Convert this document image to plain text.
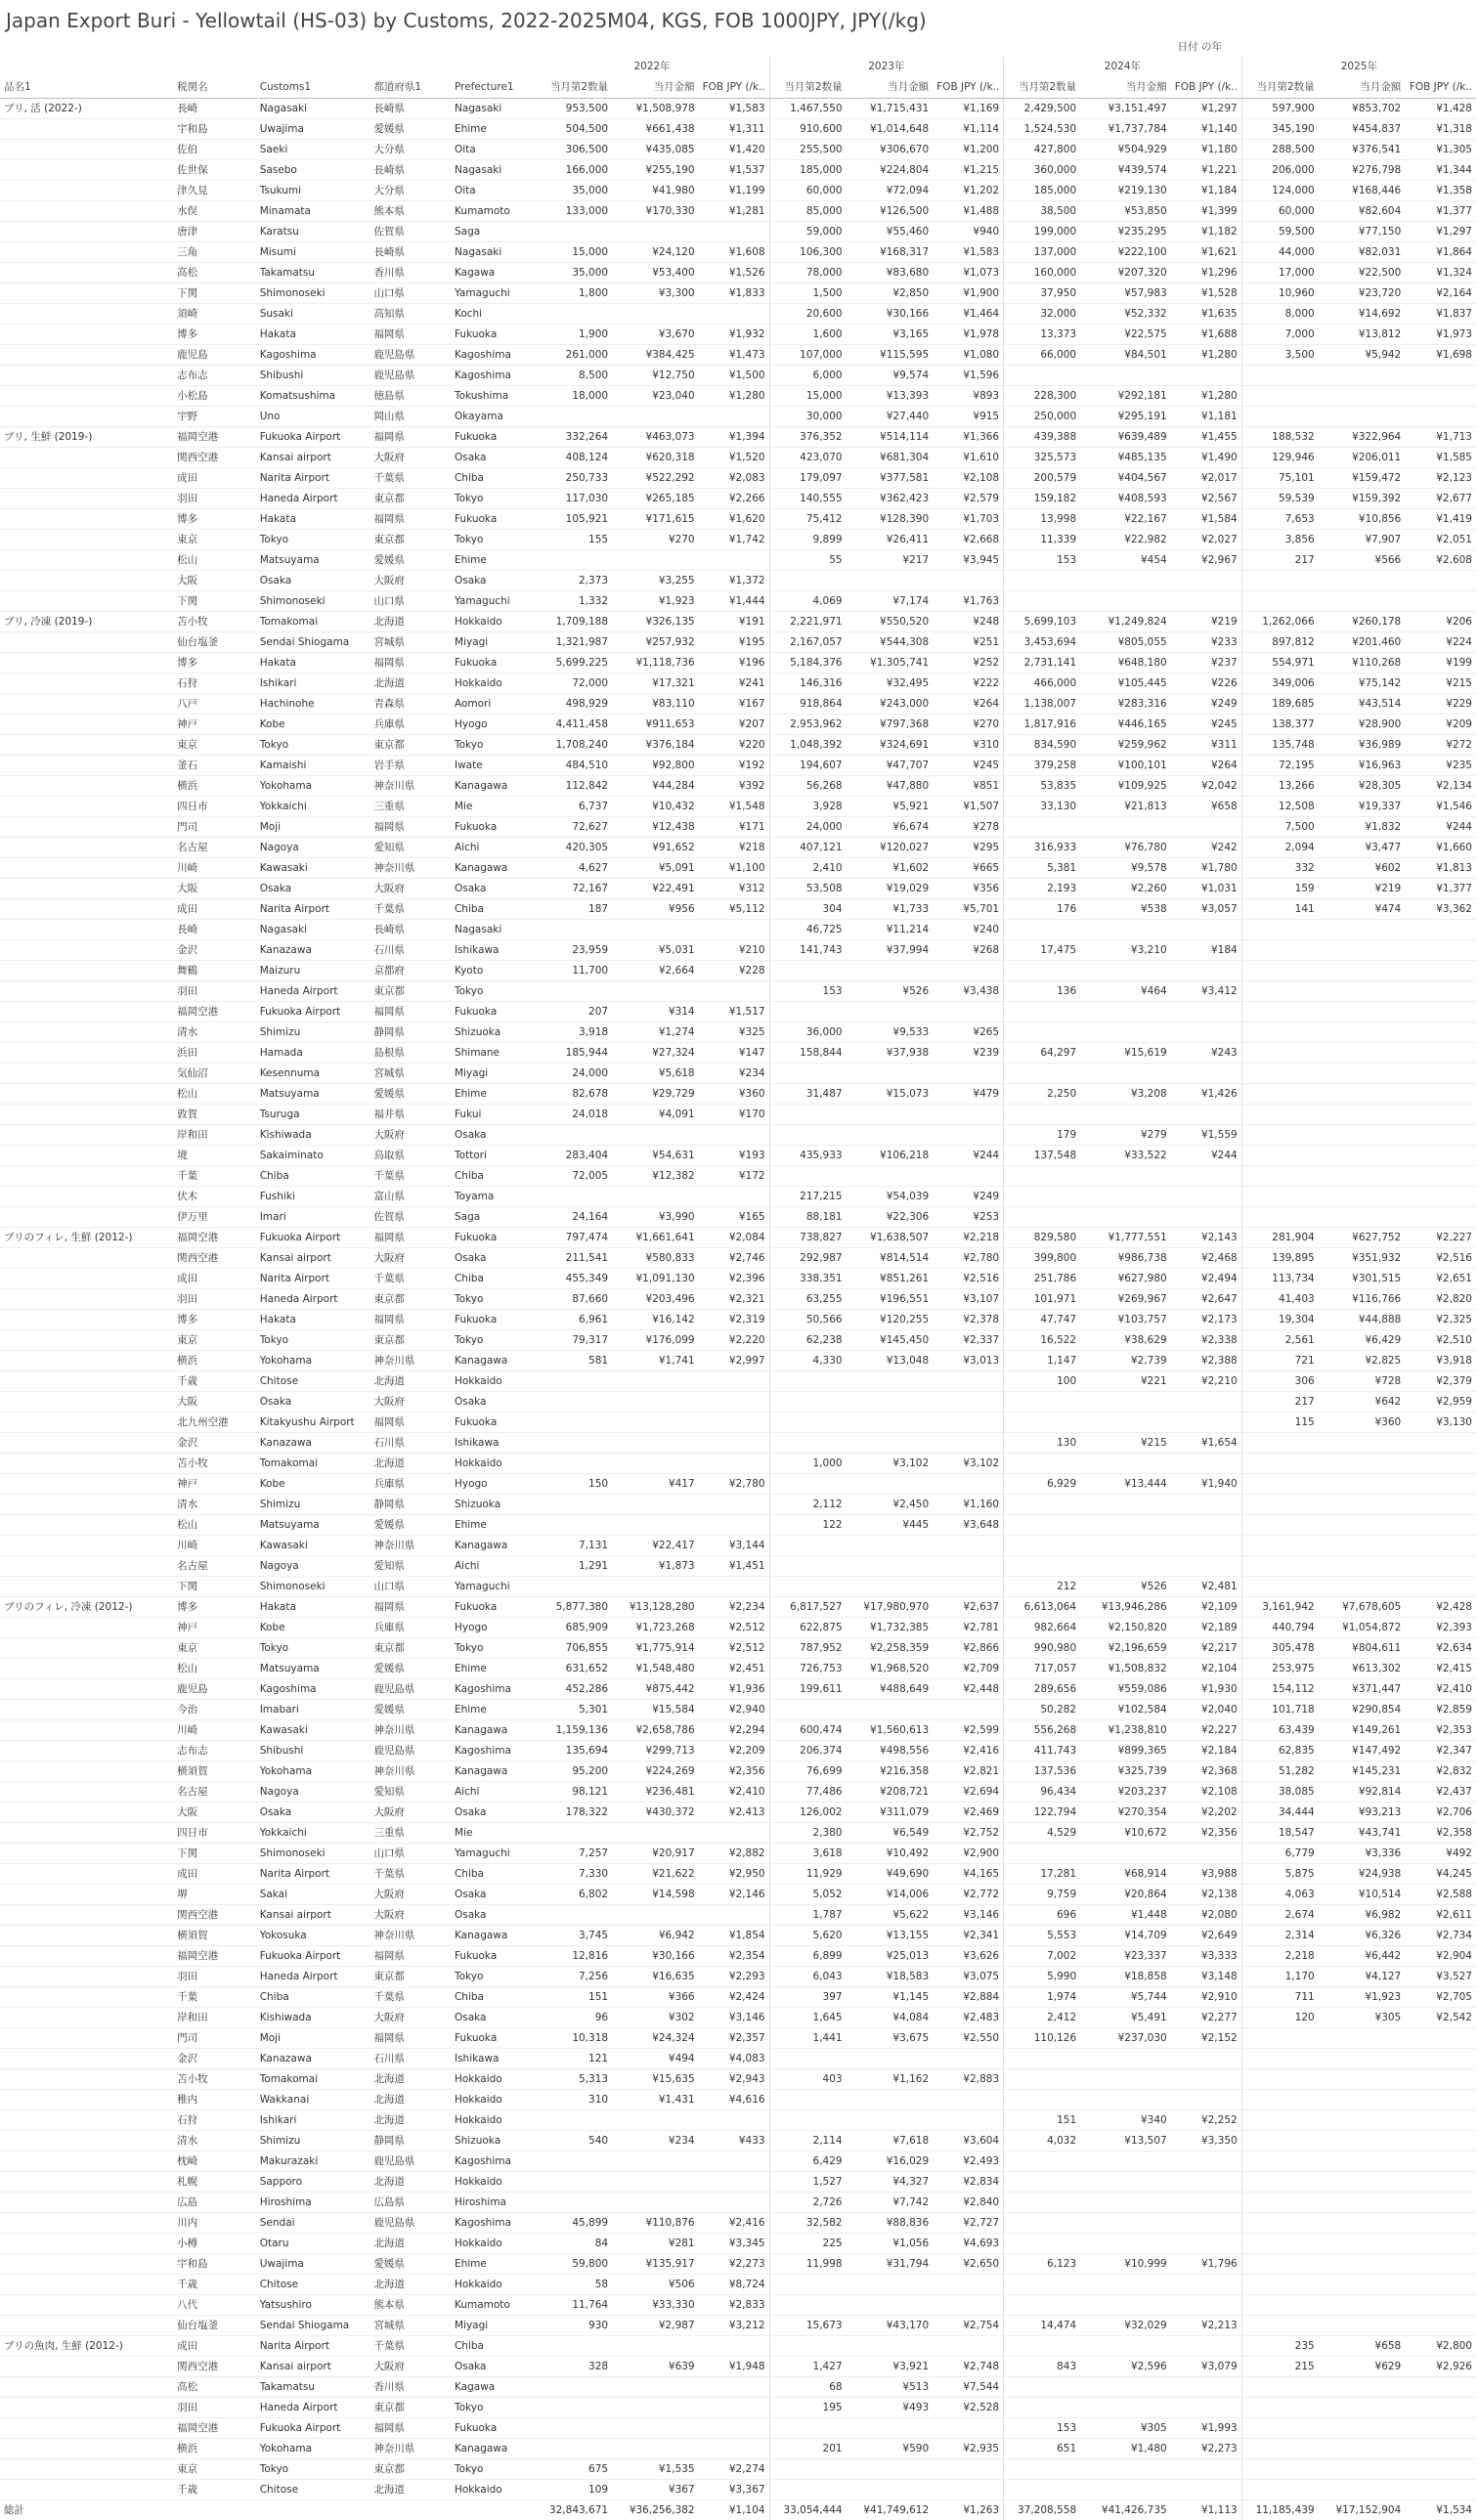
Japan Export Buri - Yellowtail (HS-03) by Customs, 2022-2025M04, KGS, FOB 1000JPY, JPY(/kg)
					日付 の年											
					2022年			2023年			2024年			2025年		
品名1	税関名	Customs1	都道府県1	Prefecture1	当月第2数量	当月金額	FOB JPY (/k..	当月第2数量	当月金額	FOB JPY (/k..	当月第2数量	当月金額	FOB JPY (/k..	当月第2数量	当月金額	FOB JPY (/k..
ブリ, 活 (2022-)	長崎	Nagasaki	長崎県	Nagasaki	953,500	¥1,508,978	¥1,583	1,467,550	¥1,715,431	¥1,169	2,429,500	¥3,151,497	¥1,297	597,900	¥853,702	¥1,428
	宇和島	Uwajima	愛媛県	Ehime	504,500	¥661,438	¥1,311	910,600	¥1,014,648	¥1,114	1,524,530	¥1,737,784	¥1,140	345,190	¥454,837	¥1,318
	佐伯	Saeki	大分県	Oita	306,500	¥435,085	¥1,420	255,500	¥306,670	¥1,200	427,800	¥504,929	¥1,180	288,500	¥376,541	¥1,305
	佐世保	Sasebo	長崎県	Nagasaki	166,000	¥255,190	¥1,537	185,000	¥224,804	¥1,215	360,000	¥439,574	¥1,221	206,000	¥276,798	¥1,344
	津久見	Tsukumi	大分県	Oita	35,000	¥41,980	¥1,199	60,000	¥72,094	¥1,202	185,000	¥219,130	¥1,184	124,000	¥168,446	¥1,358
	水俣	Minamata	熊本県	Kumamoto	133,000	¥170,330	¥1,281	85,000	¥126,500	¥1,488	38,500	¥53,850	¥1,399	60,000	¥82,604	¥1,377
	唐津	Karatsu	佐賀県	Saga				59,000	¥55,460	¥940	199,000	¥235,295	¥1,182	59,500	¥77,150	¥1,297
	三角	Misumi	長崎県	Nagasaki	15,000	¥24,120	¥1,608	106,300	¥168,317	¥1,583	137,000	¥222,100	¥1,621	44,000	¥82,031	¥1,864
	高松	Takamatsu	香川県	Kagawa	35,000	¥53,400	¥1,526	78,000	¥83,680	¥1,073	160,000	¥207,320	¥1,296	17,000	¥22,500	¥1,324
	下関	Shimonoseki	山口県	Yamaguchi	1,800	¥3,300	¥1,833	1,500	¥2,850	¥1,900	37,950	¥57,983	¥1,528	10,960	¥23,720	¥2,164
	須崎	Susaki	高知県	Kochi				20,600	¥30,166	¥1,464	32,000	¥52,332	¥1,635	8,000	¥14,692	¥1,837
	博多	Hakata	福岡県	Fukuoka	1,900	¥3,670	¥1,932	1,600	¥3,165	¥1,978	13,373	¥22,575	¥1,688	7,000	¥13,812	¥1,973
	鹿児島	Kagoshima	鹿児島県	Kagoshima	261,000	¥384,425	¥1,473	107,000	¥115,595	¥1,080	66,000	¥84,501	¥1,280	3,500	¥5,942	¥1,698
	志布志	Shibushi	鹿児島県	Kagoshima	8,500	¥12,750	¥1,500	6,000	¥9,574	¥1,596						
	小松島	Komatsushima	徳島県	Tokushima	18,000	¥23,040	¥1,280	15,000	¥13,393	¥893	228,300	¥292,181	¥1,280			
	宇野	Uno	岡山県	Okayama				30,000	¥27,440	¥915	250,000	¥295,191	¥1,181			
ブリ, 生鮮 (2019-)	福岡空港	Fukuoka Airport	福岡県	Fukuoka	332,264	¥463,073	¥1,394	376,352	¥514,114	¥1,366	439,388	¥639,489	¥1,455	188,532	¥322,964	¥1,713
	関西空港	Kansai airport	大阪府	Osaka	408,124	¥620,318	¥1,520	423,070	¥681,304	¥1,610	325,573	¥485,135	¥1,490	129,946	¥206,011	¥1,585
	成田	Narita Airport	千葉県	Chiba	250,733	¥522,292	¥2,083	179,097	¥377,581	¥2,108	200,579	¥404,567	¥2,017	75,101	¥159,472	¥2,123
	羽田	Haneda Airport	東京都	Tokyo	117,030	¥265,185	¥2,266	140,555	¥362,423	¥2,579	159,182	¥408,593	¥2,567	59,539	¥159,392	¥2,677
	博多	Hakata	福岡県	Fukuoka	105,921	¥171,615	¥1,620	75,412	¥128,390	¥1,703	13,998	¥22,167	¥1,584	7,653	¥10,856	¥1,419
	東京	Tokyo	東京都	Tokyo	155	¥270	¥1,742	9,899	¥26,411	¥2,668	11,339	¥22,982	¥2,027	3,856	¥7,907	¥2,051
	松山	Matsuyama	愛媛県	Ehime				55	¥217	¥3,945	153	¥454	¥2,967	217	¥566	¥2,608
	大阪	Osaka	大阪府	Osaka	2,373	¥3,255	¥1,372									
	下関	Shimonoseki	山口県	Yamaguchi	1,332	¥1,923	¥1,444	4,069	¥7,174	¥1,763						
ブリ, 冷凍 (2019-)	苫小牧	Tomakomai	北海道	Hokkaido	1,709,188	¥326,135	¥191	2,221,971	¥550,520	¥248	5,699,103	¥1,249,824	¥219	1,262,066	¥260,178	¥206
	仙台塩釜	Sendai Shiogama	宮城県	Miyagi	1,321,987	¥257,932	¥195	2,167,057	¥544,308	¥251	3,453,694	¥805,055	¥233	897,812	¥201,460	¥224
	博多	Hakata	福岡県	Fukuoka	5,699,225	¥1,118,736	¥196	5,184,376	¥1,305,741	¥252	2,731,141	¥648,180	¥237	554,971	¥110,268	¥199
	石狩	Ishikari	北海道	Hokkaido	72,000	¥17,321	¥241	146,316	¥32,495	¥222	466,000	¥105,445	¥226	349,006	¥75,142	¥215
	八戸	Hachinohe	青森県	Aomori	498,929	¥83,110	¥167	918,864	¥243,000	¥264	1,138,007	¥283,316	¥249	189,685	¥43,514	¥229
	神戸	Kobe	兵庫県	Hyogo	4,411,458	¥911,653	¥207	2,953,962	¥797,368	¥270	1,817,916	¥446,165	¥245	138,377	¥28,900	¥209
	東京	Tokyo	東京都	Tokyo	1,708,240	¥376,184	¥220	1,048,392	¥324,691	¥310	834,590	¥259,962	¥311	135,748	¥36,989	¥272
	釜石	Kamaishi	岩手県	Iwate	484,510	¥92,800	¥192	194,607	¥47,707	¥245	379,258	¥100,101	¥264	72,195	¥16,963	¥235
	横浜	Yokohama	神奈川県	Kanagawa	112,842	¥44,284	¥392	56,268	¥47,880	¥851	53,835	¥109,925	¥2,042	13,266	¥28,305	¥2,134
	四日市	Yokkaichi	三重県	Mie	6,737	¥10,432	¥1,548	3,928	¥5,921	¥1,507	33,130	¥21,813	¥658	12,508	¥19,337	¥1,546
	門司	Moji	福岡県	Fukuoka	72,627	¥12,438	¥171	24,000	¥6,674	¥278				7,500	¥1,832	¥244
	名古屋	Nagoya	愛知県	Aichi	420,305	¥91,652	¥218	407,121	¥120,027	¥295	316,933	¥76,780	¥242	2,094	¥3,477	¥1,660
	川崎	Kawasaki	神奈川県	Kanagawa	4,627	¥5,091	¥1,100	2,410	¥1,602	¥665	5,381	¥9,578	¥1,780	332	¥602	¥1,813
	大阪	Osaka	大阪府	Osaka	72,167	¥22,491	¥312	53,508	¥19,029	¥356	2,193	¥2,260	¥1,031	159	¥219	¥1,377
	成田	Narita Airport	千葉県	Chiba	187	¥956	¥5,112	304	¥1,733	¥5,701	176	¥538	¥3,057	141	¥474	¥3,362
	長崎	Nagasaki	長崎県	Nagasaki				46,725	¥11,214	¥240						
	金沢	Kanazawa	石川県	Ishikawa	23,959	¥5,031	¥210	141,743	¥37,994	¥268	17,475	¥3,210	¥184			
	舞鶴	Maizuru	京都府	Kyoto	11,700	¥2,664	¥228									
	羽田	Haneda Airport	東京都	Tokyo				153	¥526	¥3,438	136	¥464	¥3,412			
	福岡空港	Fukuoka Airport	福岡県	Fukuoka	207	¥314	¥1,517									
	清水	Shimizu	静岡県	Shizuoka	3,918	¥1,274	¥325	36,000	¥9,533	¥265						
	浜田	Hamada	島根県	Shimane	185,944	¥27,324	¥147	158,844	¥37,938	¥239	64,297	¥15,619	¥243			
	気仙沼	Kesennuma	宮城県	Miyagi	24,000	¥5,618	¥234									
	松山	Matsuyama	愛媛県	Ehime	82,678	¥29,729	¥360	31,487	¥15,073	¥479	2,250	¥3,208	¥1,426			
	敦賀	Tsuruga	福井県	Fukui	24,018	¥4,091	¥170									
	岸和田	Kishiwada	大阪府	Osaka							179	¥279	¥1,559			
	境	Sakaiminato	鳥取県	Tottori	283,404	¥54,631	¥193	435,933	¥106,218	¥244	137,548	¥33,522	¥244			
	千葉	Chiba	千葉県	Chiba	72,005	¥12,382	¥172									
	伏木	Fushiki	富山県	Toyama				217,215	¥54,039	¥249						
	伊万里	Imari	佐賀県	Saga	24,164	¥3,990	¥165	88,181	¥22,306	¥253						
ブリのフィレ, 生鮮 (2012-)	福岡空港	Fukuoka Airport	福岡県	Fukuoka	797,474	¥1,661,641	¥2,084	738,827	¥1,638,507	¥2,218	829,580	¥1,777,551	¥2,143	281,904	¥627,752	¥2,227
	関西空港	Kansai airport	大阪府	Osaka	211,541	¥580,833	¥2,746	292,987	¥814,514	¥2,780	399,800	¥986,738	¥2,468	139,895	¥351,932	¥2,516
	成田	Narita Airport	千葉県	Chiba	455,349	¥1,091,130	¥2,396	338,351	¥851,261	¥2,516	251,786	¥627,980	¥2,494	113,734	¥301,515	¥2,651
	羽田	Haneda Airport	東京都	Tokyo	87,660	¥203,496	¥2,321	63,255	¥196,551	¥3,107	101,971	¥269,967	¥2,647	41,403	¥116,766	¥2,820
	博多	Hakata	福岡県	Fukuoka	6,961	¥16,142	¥2,319	50,566	¥120,255	¥2,378	47,747	¥103,757	¥2,173	19,304	¥44,888	¥2,325
	東京	Tokyo	東京都	Tokyo	79,317	¥176,099	¥2,220	62,238	¥145,450	¥2,337	16,522	¥38,629	¥2,338	2,561	¥6,429	¥2,510
	横浜	Yokohama	神奈川県	Kanagawa	581	¥1,741	¥2,997	4,330	¥13,048	¥3,013	1,147	¥2,739	¥2,388	721	¥2,825	¥3,918
	千歳	Chitose	北海道	Hokkaido							100	¥221	¥2,210	306	¥728	¥2,379
	大阪	Osaka	大阪府	Osaka										217	¥642	¥2,959
	北九州空港	Kitakyushu Airport	福岡県	Fukuoka										115	¥360	¥3,130
	金沢	Kanazawa	石川県	Ishikawa							130	¥215	¥1,654			
	苫小牧	Tomakomai	北海道	Hokkaido				1,000	¥3,102	¥3,102						
	神戸	Kobe	兵庫県	Hyogo	150	¥417	¥2,780				6,929	¥13,444	¥1,940			
	清水	Shimizu	静岡県	Shizuoka				2,112	¥2,450	¥1,160						
	松山	Matsuyama	愛媛県	Ehime				122	¥445	¥3,648						
	川崎	Kawasaki	神奈川県	Kanagawa	7,131	¥22,417	¥3,144									
	名古屋	Nagoya	愛知県	Aichi	1,291	¥1,873	¥1,451									
	下関	Shimonoseki	山口県	Yamaguchi							212	¥526	¥2,481			
ブリのフィレ, 冷凍 (2012-)	博多	Hakata	福岡県	Fukuoka	5,877,380	¥13,128,280	¥2,234	6,817,527	¥17,980,970	¥2,637	6,613,064	¥13,946,286	¥2,109	3,161,942	¥7,678,605	¥2,428
	神戸	Kobe	兵庫県	Hyogo	685,909	¥1,723,268	¥2,512	622,875	¥1,732,385	¥2,781	982,664	¥2,150,820	¥2,189	440,794	¥1,054,872	¥2,393
	東京	Tokyo	東京都	Tokyo	706,855	¥1,775,914	¥2,512	787,952	¥2,258,359	¥2,866	990,980	¥2,196,659	¥2,217	305,478	¥804,611	¥2,634
	松山	Matsuyama	愛媛県	Ehime	631,652	¥1,548,480	¥2,451	726,753	¥1,968,520	¥2,709	717,057	¥1,508,832	¥2,104	253,975	¥613,302	¥2,415
	鹿児島	Kagoshima	鹿児島県	Kagoshima	452,286	¥875,442	¥1,936	199,611	¥488,649	¥2,448	289,656	¥559,086	¥1,930	154,112	¥371,447	¥2,410
	今治	Imabari	愛媛県	Ehime	5,301	¥15,584	¥2,940				50,282	¥102,584	¥2,040	101,718	¥290,854	¥2,859
	川崎	Kawasaki	神奈川県	Kanagawa	1,159,136	¥2,658,786	¥2,294	600,474	¥1,560,613	¥2,599	556,268	¥1,238,810	¥2,227	63,439	¥149,261	¥2,353
	志布志	Shibushi	鹿児島県	Kagoshima	135,694	¥299,713	¥2,209	206,374	¥498,556	¥2,416	411,743	¥899,365	¥2,184	62,835	¥147,492	¥2,347
	横須賀	Yokohama	神奈川県	Kanagawa	95,200	¥224,269	¥2,356	76,699	¥216,358	¥2,821	137,536	¥325,739	¥2,368	51,282	¥145,231	¥2,832
	名古屋	Nagoya	愛知県	Aichi	98,121	¥236,481	¥2,410	77,486	¥208,721	¥2,694	96,434	¥203,237	¥2,108	38,085	¥92,814	¥2,437
	大阪	Osaka	大阪府	Osaka	178,322	¥430,372	¥2,413	126,002	¥311,079	¥2,469	122,794	¥270,354	¥2,202	34,444	¥93,213	¥2,706
	四日市	Yokkaichi	三重県	Mie				2,380	¥6,549	¥2,752	4,529	¥10,672	¥2,356	18,547	¥43,741	¥2,358
	下関	Shimonoseki	山口県	Yamaguchi	7,257	¥20,917	¥2,882	3,618	¥10,492	¥2,900				6,779	¥3,336	¥492
	成田	Narita Airport	千葉県	Chiba	7,330	¥21,622	¥2,950	11,929	¥49,690	¥4,165	17,281	¥68,914	¥3,988	5,875	¥24,938	¥4,245
	堺	Sakai	大阪府	Osaka	6,802	¥14,598	¥2,146	5,052	¥14,006	¥2,772	9,759	¥20,864	¥2,138	4,063	¥10,514	¥2,588
	関西空港	Kansai airport	大阪府	Osaka				1,787	¥5,622	¥3,146	696	¥1,448	¥2,080	2,674	¥6,982	¥2,611
	横須賀	Yokosuka	神奈川県	Kanagawa	3,745	¥6,942	¥1,854	5,620	¥13,155	¥2,341	5,553	¥14,709	¥2,649	2,314	¥6,326	¥2,734
	福岡空港	Fukuoka Airport	福岡県	Fukuoka	12,816	¥30,166	¥2,354	6,899	¥25,013	¥3,626	7,002	¥23,337	¥3,333	2,218	¥6,442	¥2,904
	羽田	Haneda Airport	東京都	Tokyo	7,256	¥16,635	¥2,293	6,043	¥18,583	¥3,075	5,990	¥18,858	¥3,148	1,170	¥4,127	¥3,527
	千葉	Chiba	千葉県	Chiba	151	¥366	¥2,424	397	¥1,145	¥2,884	1,974	¥5,744	¥2,910	711	¥1,923	¥2,705
	岸和田	Kishiwada	大阪府	Osaka	96	¥302	¥3,146	1,645	¥4,084	¥2,483	2,412	¥5,491	¥2,277	120	¥305	¥2,542
	門司	Moji	福岡県	Fukuoka	10,318	¥24,324	¥2,357	1,441	¥3,675	¥2,550	110,126	¥237,030	¥2,152			
	金沢	Kanazawa	石川県	Ishikawa	121	¥494	¥4,083									
	苫小牧	Tomakomai	北海道	Hokkaido	5,313	¥15,635	¥2,943	403	¥1,162	¥2,883						
	稚内	Wakkanai	北海道	Hokkaido	310	¥1,431	¥4,616									
	石狩	Ishikari	北海道	Hokkaido							151	¥340	¥2,252			
	清水	Shimizu	静岡県	Shizuoka	540	¥234	¥433	2,114	¥7,618	¥3,604	4,032	¥13,507	¥3,350			
	枕崎	Makurazaki	鹿児島県	Kagoshima				6,429	¥16,029	¥2,493						
	札幌	Sapporo	北海道	Hokkaido				1,527	¥4,327	¥2,834						
	広島	Hiroshima	広島県	Hiroshima				2,726	¥7,742	¥2,840						
	川内	Sendai	鹿児島県	Kagoshima	45,899	¥110,876	¥2,416	32,582	¥88,836	¥2,727						
	小樽	Otaru	北海道	Hokkaido	84	¥281	¥3,345	225	¥1,056	¥4,693						
	宇和島	Uwajima	愛媛県	Ehime	59,800	¥135,917	¥2,273	11,998	¥31,794	¥2,650	6,123	¥10,999	¥1,796			
	千歳	Chitose	北海道	Hokkaido	58	¥506	¥8,724									
	八代	Yatsushiro	熊本県	Kumamoto	11,764	¥33,330	¥2,833									
	仙台塩釜	Sendai Shiogama	宮城県	Miyagi	930	¥2,987	¥3,212	15,673	¥43,170	¥2,754	14,474	¥32,029	¥2,213			
ブリの魚肉, 生鮮 (2012-)	成田	Narita Airport	千葉県	Chiba										235	¥658	¥2,800
	関西空港	Kansai airport	大阪府	Osaka	328	¥639	¥1,948	1,427	¥3,921	¥2,748	843	¥2,596	¥3,079	215	¥629	¥2,926
	高松	Takamatsu	香川県	Kagawa				68	¥513	¥7,544						
	羽田	Haneda Airport	東京都	Tokyo				195	¥493	¥2,528						
	福岡空港	Fukuoka Airport	福岡県	Fukuoka							153	¥305	¥1,993			
	横浜	Yokohama	神奈川県	Kanagawa				201	¥590	¥2,935	651	¥1,480	¥2,273			
	東京	Tokyo	東京都	Tokyo	675	¥1,535	¥2,274									
	千歳	Chitose	北海道	Hokkaido	109	¥367	¥3,367									
総計					32,843,671	¥36,256,382	¥1,104	33,054,444	¥41,749,612	¥1,263	37,208,558	¥41,426,735	¥1,113	11,185,439	¥17,152,904	¥1,534
